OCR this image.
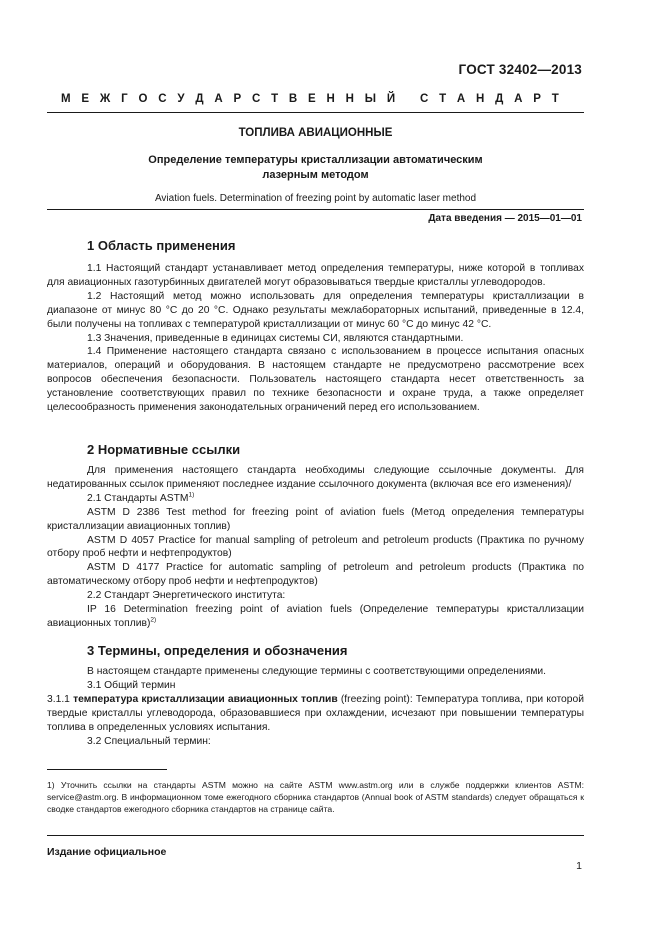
ГОСТ 32402—2013
М Е Ж Г О С У Д А Р С Т В Е Н Н Ы Й
С Т А Н Д А Р Т
ТОПЛИВА АВИАЦИОННЫЕ
Определение температуры кристаллизации автоматическим
лазерным методом
Aviation fuels. Determination of freezing point by automatic laser method
Дата введения — 2015—01—01
1 Область применения

1.1 Настоящий стандарт устанавливает метод определения температуры, ниже которой в топливах для авиационных газотурбинных двигателей могут образовываться твердые кристаллы углеводородов.

1.2 Настоящий метод можно использовать для определения температуры кристаллизации в диапазоне от минус 80 °С до 20 °С. Однако результаты межлабораторных испытаний, приведенные в 12.4, были получены на топливах с температурой кристаллизации от минус 60 °С до минус 42 °С.

1.3 Значения, приведенные в единицах системы СИ, являются стандартными.

1.4 Применение настоящего стандарта связано с использованием в процессе испытания опасных материалов, операций и оборудования. В настоящем стандарте не предусмотрено рассмотрение всех вопросов обеспечения безопасности. Пользователь настоящего стандарта несет ответственность за установление соответствующих правил по технике безопасности и охране труда, а также определяет целесообразность применения законодательных ограничений перед его использованием.

2 Нормативные ссылки

Для применения настоящего стандарта необходимы следующие ссылочные документы. Для недатированных ссылок применяют последнее издание ссылочного документа (включая все его изменения)/

2.1 Стандарты ASTM$^{1)}$

ASTM D 2386 Test method for freezing point of aviation fuels (Метод определения температуры кристаллизации авиационных топлив)

ASTM D 4057 Practice for manual sampling of petroleum and petroleum products (Практика по ручному отбору проб нефти и нефтепродуктов)

ASTM D 4177 Practice for automatic sampling of petroleum and petroleum products (Практика по автоматическому отбору проб нефти и нефтепродуктов)

2.2 Стандарт Энергетического института:

IP 16 Determination freezing point of aviation fuels (Определение температуры кристаллизации авиационных топлив)$^{2)}$

3 Термины, определения и обозначения

В настоящем стандарте применены следующие термины с соответствующими определениями.

3.1 Общий термин

3.1.1 температура кристаллизации авиационных топлив (freezing point): Температура топлива, при которой твердые кристаллы углеводорода, образовавшиеся при охлаждении, исчезают при повышении температуры топлива в определенных условиях испытания.

3.2 Специальный термин:

1) Уточнить ссылки на стандарты ASTM можно на сайте ASTM www.astm.org или в службе поддержки клиентов ASTM: service@astm.org. В информационном томе ежегодного сборника стандартов (Annual book of ASTM standards) следует обращаться к сводке стандартов ежегодного сборника стандартов на странице сайта.
Издание официальное
1
